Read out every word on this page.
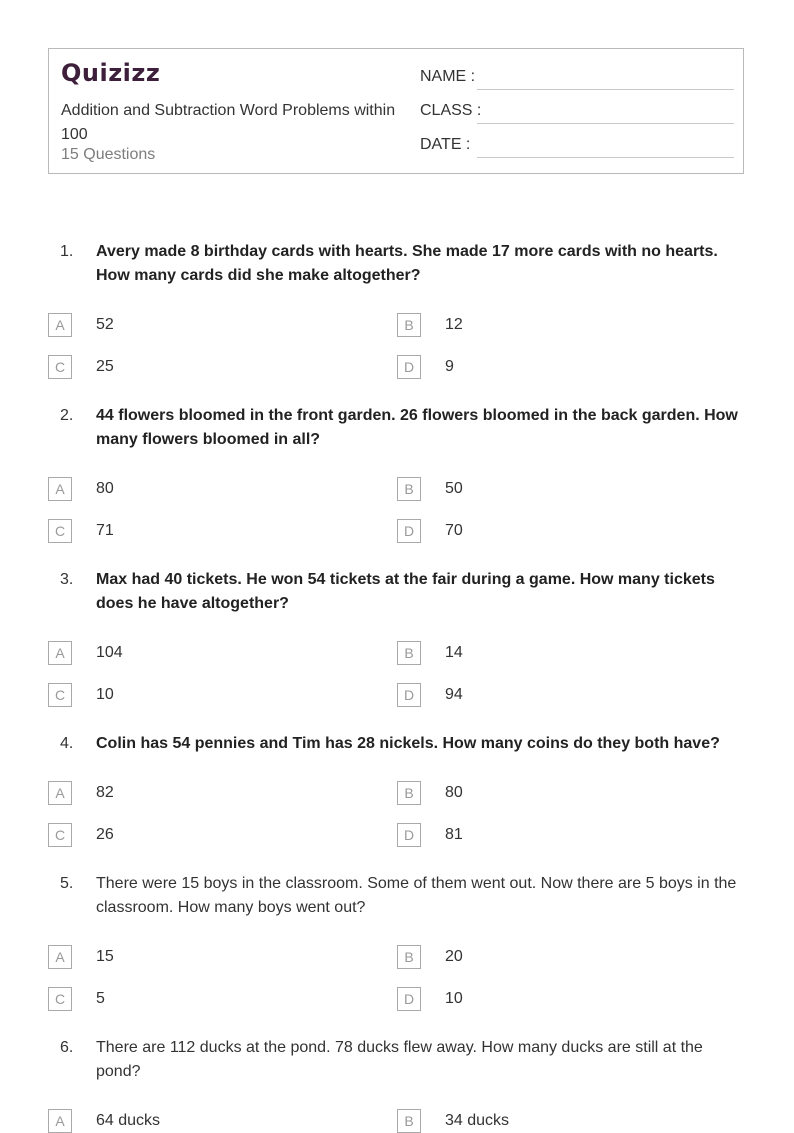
Quizizz
Addition and Subtraction Word Problems within 100
15 Questions
NAME :
CLASS :
DATE :
1. Avery made 8 birthday cards with hearts. She made 17 more cards with no hearts. How many cards did she make altogether?
A	52	B	12
C	25	D	9
2. 44 flowers bloomed in the front garden. 26 flowers bloomed in the back garden. How many flowers bloomed in all?
A	80	B	50
C	71	D	70
3. Max had 40 tickets. He won 54 tickets at the fair during a game. How many tickets does he have altogether?
A	104	B	14
C	10	D	94
4. Colin has 54 pennies and Tim has 28 nickels. How many coins do they both have?
A	82	B	80
C	26	D	81
5. There were 15 boys in the classroom. Some of them went out. Now there are 5 boys in the classroom. How many boys went out?
A	15	B	20
C	5	D	10
6. There are 112 ducks at the pond. 78 ducks flew away. How many ducks are still at the pond?
A	64 ducks	B	34 ducks
